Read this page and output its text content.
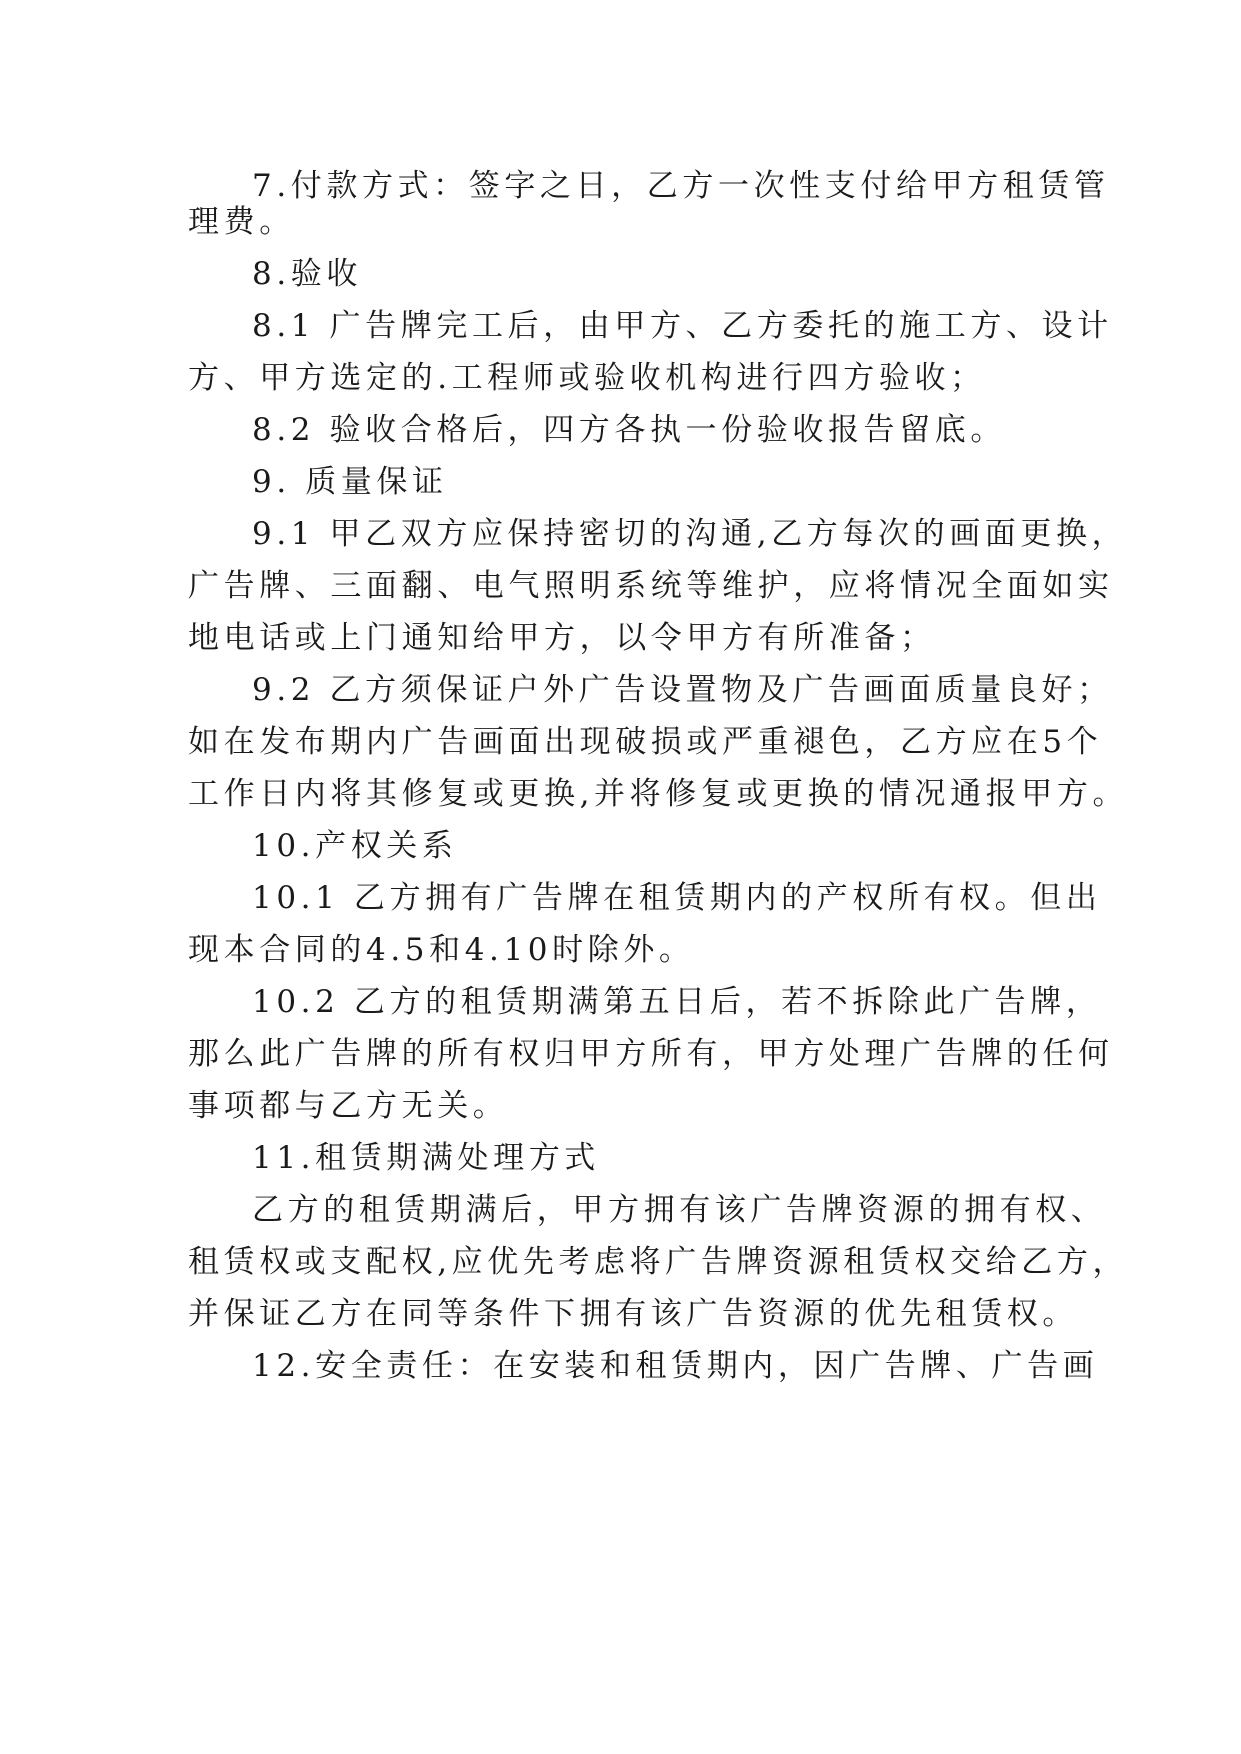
7.付款方式：签字之日，乙方一次性支付给甲方租赁管
理费。
8.验收
8.1 广告牌完工后，由甲方、乙方委托的施工方、设计
方、甲方选定的.工程师或验收机构进行四方验收；
8.2 验收合格后，四方各执一份验收报告留底。
9. 质量保证
9.1 甲乙双方应保持密切的沟通,乙方每次的画面更换，
广告牌、三面翻、电气照明系统等维护，应将情况全面如实
地电话或上门通知给甲方，以令甲方有所准备；
9.2 乙方须保证户外广告设置物及广告画面质量良好；
如在发布期内广告画面出现破损或严重褪色，乙方应在5个
工作日内将其修复或更换,并将修复或更换的情况通报甲方。
10.产权关系
10.1 乙方拥有广告牌在租赁期内的产权所有权。但出
现本合同的4.5和4.10时除外。
10.2 乙方的租赁期满第五日后，若不拆除此广告牌，
那么此广告牌的所有权归甲方所有，甲方处理广告牌的任何
事项都与乙方无关。
11.租赁期满处理方式
乙方的租赁期满后，甲方拥有该广告牌资源的拥有权、
租赁权或支配权,应优先考虑将广告牌资源租赁权交给乙方，
并保证乙方在同等条件下拥有该广告资源的优先租赁权。
12.安全责任：在安装和租赁期内，因广告牌、广告画
